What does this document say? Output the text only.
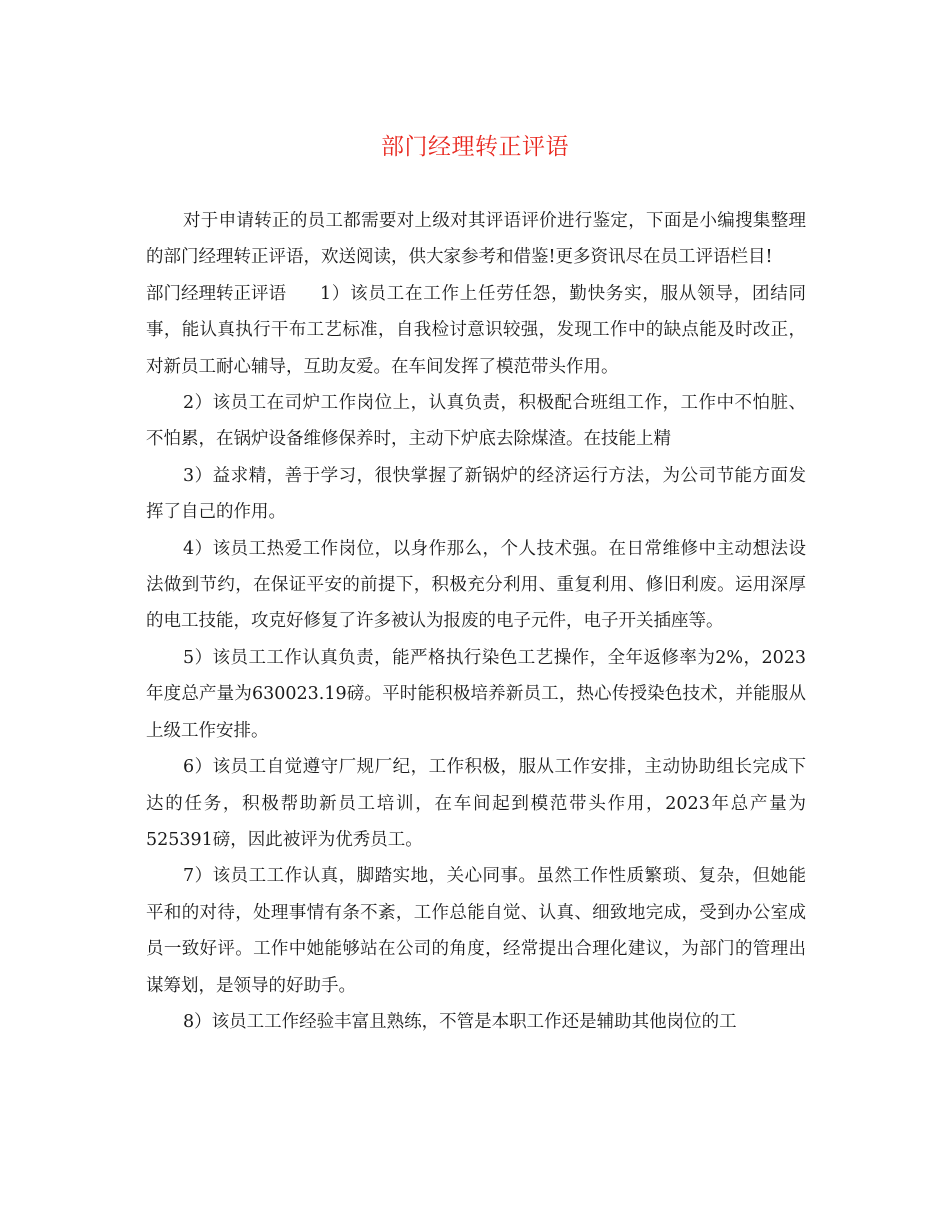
部门经理转正评语

对于申请转正的员工都需要对上级对其评语评价进行鉴定，下面是小编搜集整理的部门经理转正评语，欢送阅读，供大家参考和借鉴!更多资讯尽在员工评语栏目!

部门经理转正评语 1）该员工在工作上任劳任怨，勤快务实，服从领导，团结同事，能认真执行干布工艺标准，自我检讨意识较强，发现工作中的缺点能及时改正，对新员工耐心辅导，互助友爱。在车间发挥了模范带头作用。

2）该员工在司炉工作岗位上，认真负责，积极配合班组工作，工作中不怕脏、不怕累，在锅炉设备维修保养时，主动下炉底去除煤渣。在技能上精

3）益求精，善于学习，很快掌握了新锅炉的经济运行方法，为公司节能方面发挥了自己的作用。

4）该员工热爱工作岗位，以身作那么，个人技术强。在日常维修中主动想法设法做到节约，在保证平安的前提下，积极充分利用、重复利用、修旧利废。运用深厚的电工技能，攻克好修复了许多被认为报废的电子元件，电子开关插座等。

5）该员工工作认真负责，能严格执行染色工艺操作，全年返修率为2%，2023年度总产量为630023.19磅。平时能积极培养新员工，热心传授染色技术，并能服从上级工作安排。

6）该员工自觉遵守厂规厂纪，工作积极，服从工作安排，主动协助组长完成下达的任务，积极帮助新员工培训，在车间起到模范带头作用，2023年总产量为525391磅，因此被评为优秀员工。

7）该员工工作认真，脚踏实地，关心同事。虽然工作性质繁琐、复杂，但她能平和的对待，处理事情有条不紊，工作总能自觉、认真、细致地完成，受到办公室成员一致好评。工作中她能够站在公司的角度，经常提出合理化建议，为部门的管理出谋筹划，是领导的好助手。

8）该员工工作经验丰富且熟练，不管是本职工作还是辅助其他岗位的工
